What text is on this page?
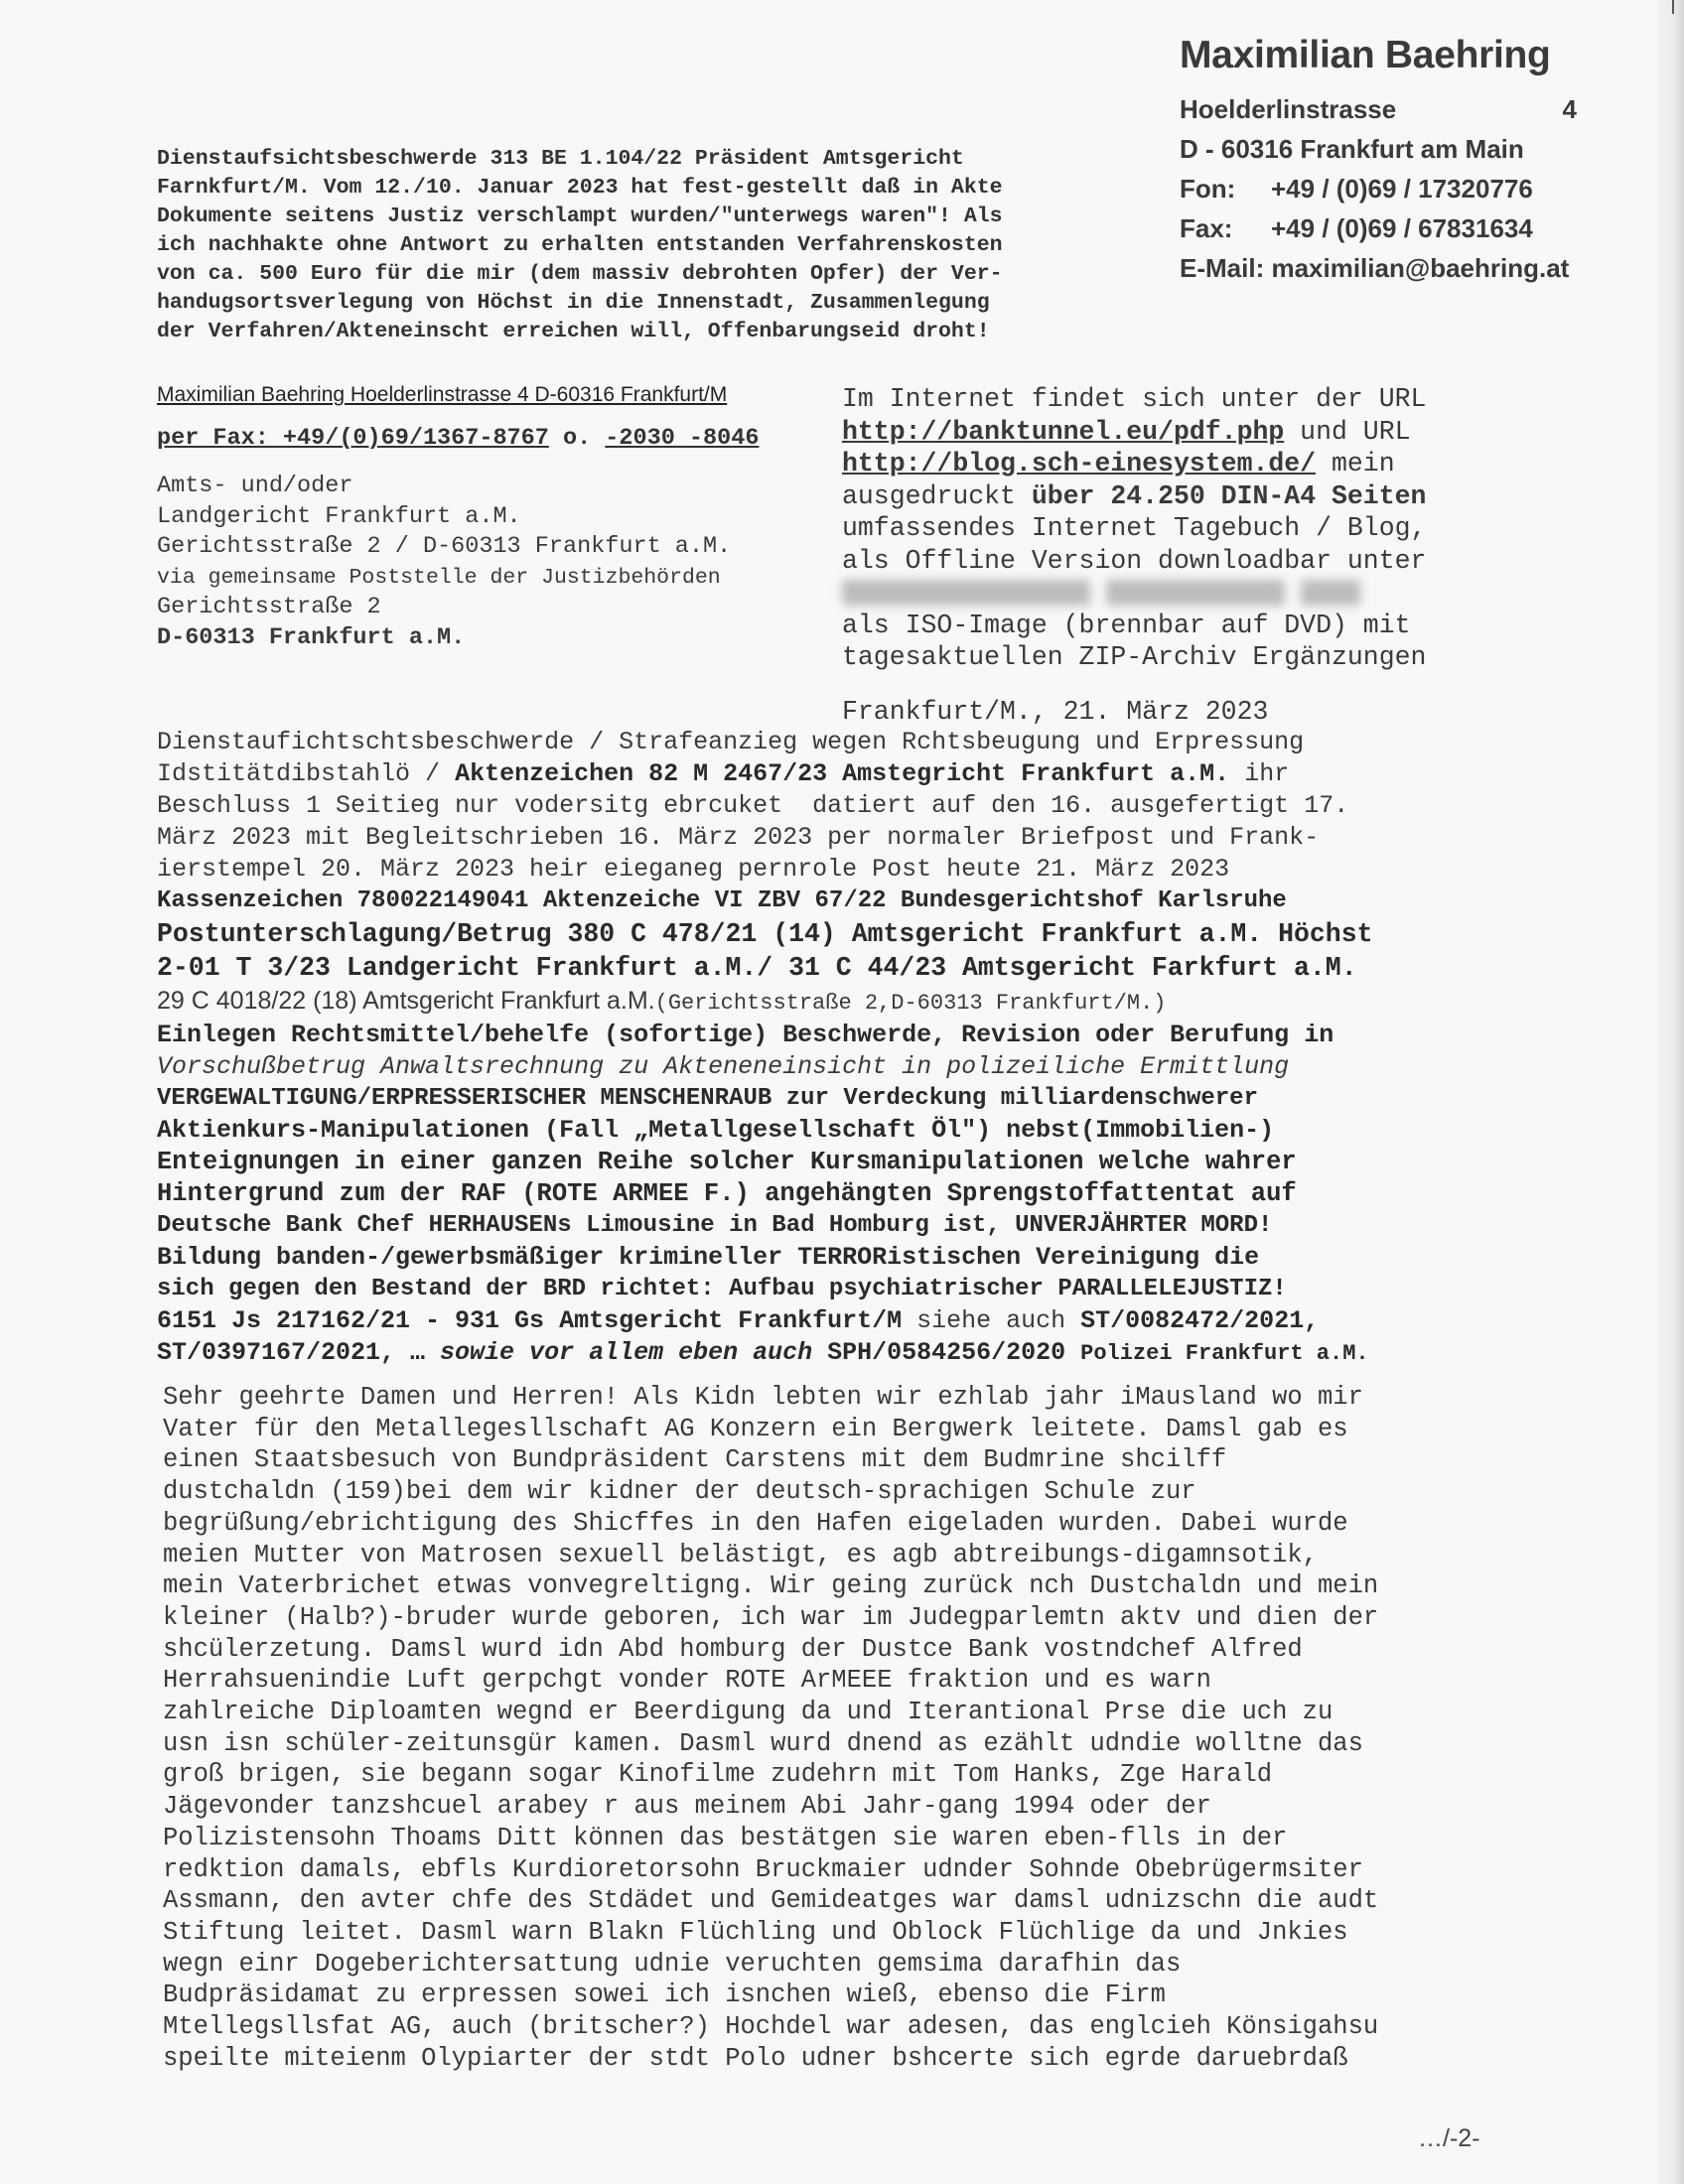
Maximilian Baehring
Hoelderlinstrasse	4
D - 60316 Frankfurt am Main
Fon: +49 / (0)69 / 17320776
Fax: +49 / (0)69 / 67831634
E-Mail: maximilian@baehring.at
Dienstaufsichtsbeschwerde 313 BE 1.104/22 Präsident Amtsgericht
Farnkfurt/M. Vom 12./10. Januar 2023 hat fest-gestellt daß in Akte
Dokumente seitens Justiz verschlampt wurden/"unterwegs waren"! Als
ich nachhakte ohne Antwort zu erhalten entstanden Verfahrenskosten
von ca. 500 Euro für die mir (dem massiv debrohten Opfer) der Ver-
handugsortsverlegung von Höchst in die Innenstadt, Zusammenlegung
der Verfahren/Akteneinscht erreichen will, Offenbarungseid droht!
Maximilian Baehring Hoelderlinstrasse 4 D-60316 Frankfurt/M
per Fax: +49/(0)69/1367-8767 o. -2030 -8046
Amts- und/oder
Landgericht Frankfurt a.M.
Gerichtsstraße 2 / D-60313 Frankfurt a.M.
via gemeinsame Poststelle der Justizbehörden
Gerichtsstraße 2
D-60313 Frankfurt a.M.
Im Internet findet sich unter der URL
http://banktunnel.eu/pdf.php und URL
http://blog.sch-einesystem.de/ mein
ausgedruckt über 24.250 DIN-A4 Seiten
umfassendes Internet Tagebuch / Blog,
als Offline Version downloadbar unter

als ISO-Image (brennbar auf DVD) mit
tagesaktuellen ZIP-Archiv Ergänzungen
Frankfurt/M., 21. März 2023
Dienstaufichtschtsbeschwerde / Strafeanzieg wegen Rchtsbeugung und Erpressung
Idstitätdibstahlö / Aktenzeichen 82 M 2467/23 Amstegricht Frankfurt a.M. ihr
Beschluss 1 Seitieg nur vodersitg ebrcuket  datiert auf den 16. ausgefertigt 17.
März 2023 mit Begleitschrieben 16. März 2023 per normaler Briefpost und Frank-
ierstempel 20. März 2023 heir eieganeg pernrole Post heute 21. März 2023
Kassenzeichen 780022149041 Aktenzeiche VI ZBV 67/22 Bundesgerichtshof Karlsruhe
Postunterschlagung/Betrug 380 C 478/21 (14) Amtsgericht Frankfurt a.M. Höchst
2-01 T 3/23 Landgericht Frankfurt a.M./ 31 C 44/23 Amtsgericht Farkfurt a.M.
29 C 4018/22 (18) Amtsgericht Frankfurt a.M.(Gerichtsstraße 2,D-60313 Frankfurt/M.)
Einlegen Rechtsmittel/behelfe (sofortige) Beschwerde, Revision oder Berufung in
Vorschußbetrug Anwaltsrechnung zu Akteneneinsicht in polizeiliche Ermittlung
VERGEWALTIGUNG/ERPRESSERISCHER MENSCHENRAUB zur Verdeckung milliardenschwerer
Aktienkurs-Manipulationen (Fall „Metallgesellschaft Öl") nebst(Immobilien-)
Enteignungen in einer ganzen Reihe solcher Kursmanipulationen welche wahrer
Hintergrund zum der RAF (ROTE ARMEE F.) angehängten Sprengstoffattentat auf
Deutsche Bank Chef HERHAUSENs Limousine in Bad Homburg ist, UNVERJÄHRTER MORD!
Bildung banden-/gewerbsmäßiger krimineller TERRORistischen Vereinigung die
sich gegen den Bestand der BRD richtet: Aufbau psychiatrischer PARALLELEJUSTIZ!
6151 Js 217162/21 - 931 Gs Amtsgericht Frankfurt/M siehe auch ST/0082472/2021,
ST/0397167/2021, … sowie vor allem eben auch SPH/0584256/2020 Polizei Frankfurt a.M.
Sehr geehrte Damen und Herren! Als Kidn lebten wir ezhlab jahr iMausland wo mir
Vater für den Metallegesllschaft AG Konzern ein Bergwerk leitete. Damsl gab es
einen Staatsbesuch von Bundpräsident Carstens mit dem Budmrine shcilff
dustchaldn (159)bei dem wir kidner der deutsch-sprachigen Schule zur
begrüßung/ebrichtigung des Shicffes in den Hafen eigeladen wurden. Dabei wurde
meien Mutter von Matrosen sexuell belästigt, es agb abtreibungs-digamnsotik,
mein Vaterbrichet etwas vonvegreltigng. Wir geing zurück nch Dustchaldn und mein
kleiner (Halb?)-bruder wurde geboren, ich war im Judegparlemtn aktv und dien der
shcülerzetung. Damsl wurd idn Abd homburg der Dustce Bank vostndchef Alfred
Herrahsuenindie Luft gerpchgt vonder ROTE ArMEEE fraktion und es warn
zahlreiche Diploamten wegnd er Beerdigung da und Iterantional Prse die uch zu
usn isn schüler-zeitunsgür kamen. Dasml wurd dnend as ezählt udndie wolltne das
groß brigen, sie begann sogar Kinofilme zudehrn mit Tom Hanks, Zge Harald
Jägevonder tanzshcuel arabey r aus meinem Abi Jahr-gang 1994 oder der
Polizistensohn Thoams Ditt können das bestätgen sie waren eben-flls in der
redktion damals, ebfls Kurdioretorsohn Bruckmaier udnder Sohnde Obebrügermsiter
Assmann, den avter chfe des Stdädet und Gemideatges war damsl udnizschn die audt
Stiftung leitet. Dasml warn Blakn Flüchling und Oblock Flüchlige da und Jnkies
wegn einr Dogeberichtersattung udnie veruchten gemsima darafhin das
Budpräsidamat zu erpressen sowei ich isnchen wieß, ebenso die Firm
Mtellegsllsfat AG, auch (britscher?) Hochdel war adesen, das englcieh Könsigahsu
speilte miteienm Olypiarter der stdt Polo udner bshcerte sich egrde daruebrdaß
…/-2-
